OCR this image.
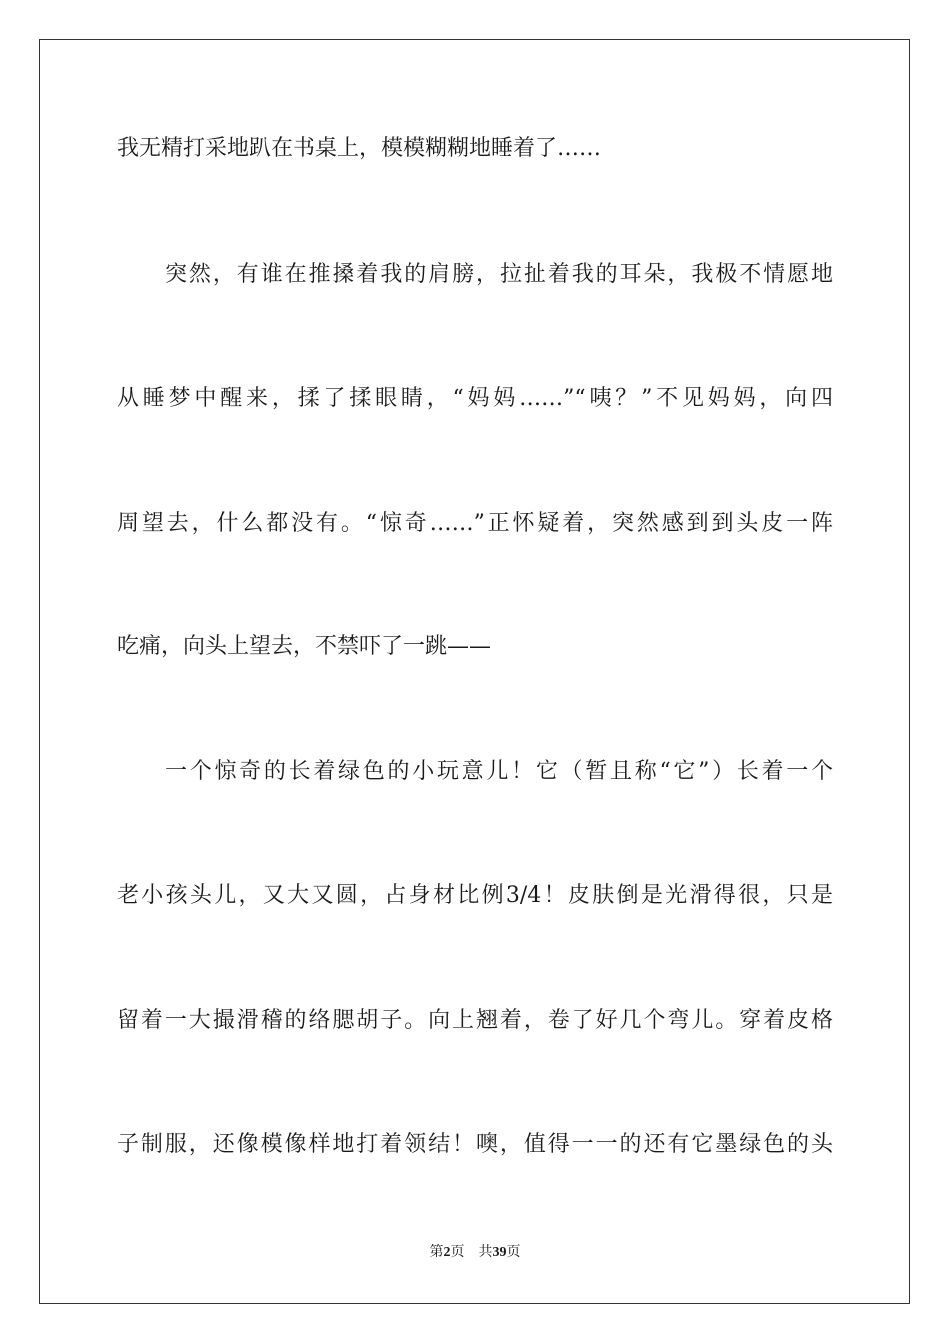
我无精打采地趴在书桌上，模模糊糊地睡着了……
突然，有谁在推搡着我的肩膀，拉扯着我的耳朵，我极不情愿地
从睡梦中醒来，揉了揉眼睛，“妈妈……”“咦？”不见妈妈，向四
周望去，什么都没有。“惊奇……”正怀疑着，突然感到到头皮一阵
吃痛，向头上望去，不禁吓了一跳——
一个惊奇的长着绿色的小玩意儿！它（暂且称“它”）长着一个
老小孩头儿，又大又圆，占身材比例3/4！皮肤倒是光滑得很，只是
留着一大撮滑稽的络腮胡子。向上翘着，卷了好几个弯儿。穿着皮格
子制服，还像模像样地打着领结！噢，值得一一的还有它墨绿色的头
第2页 共39页
